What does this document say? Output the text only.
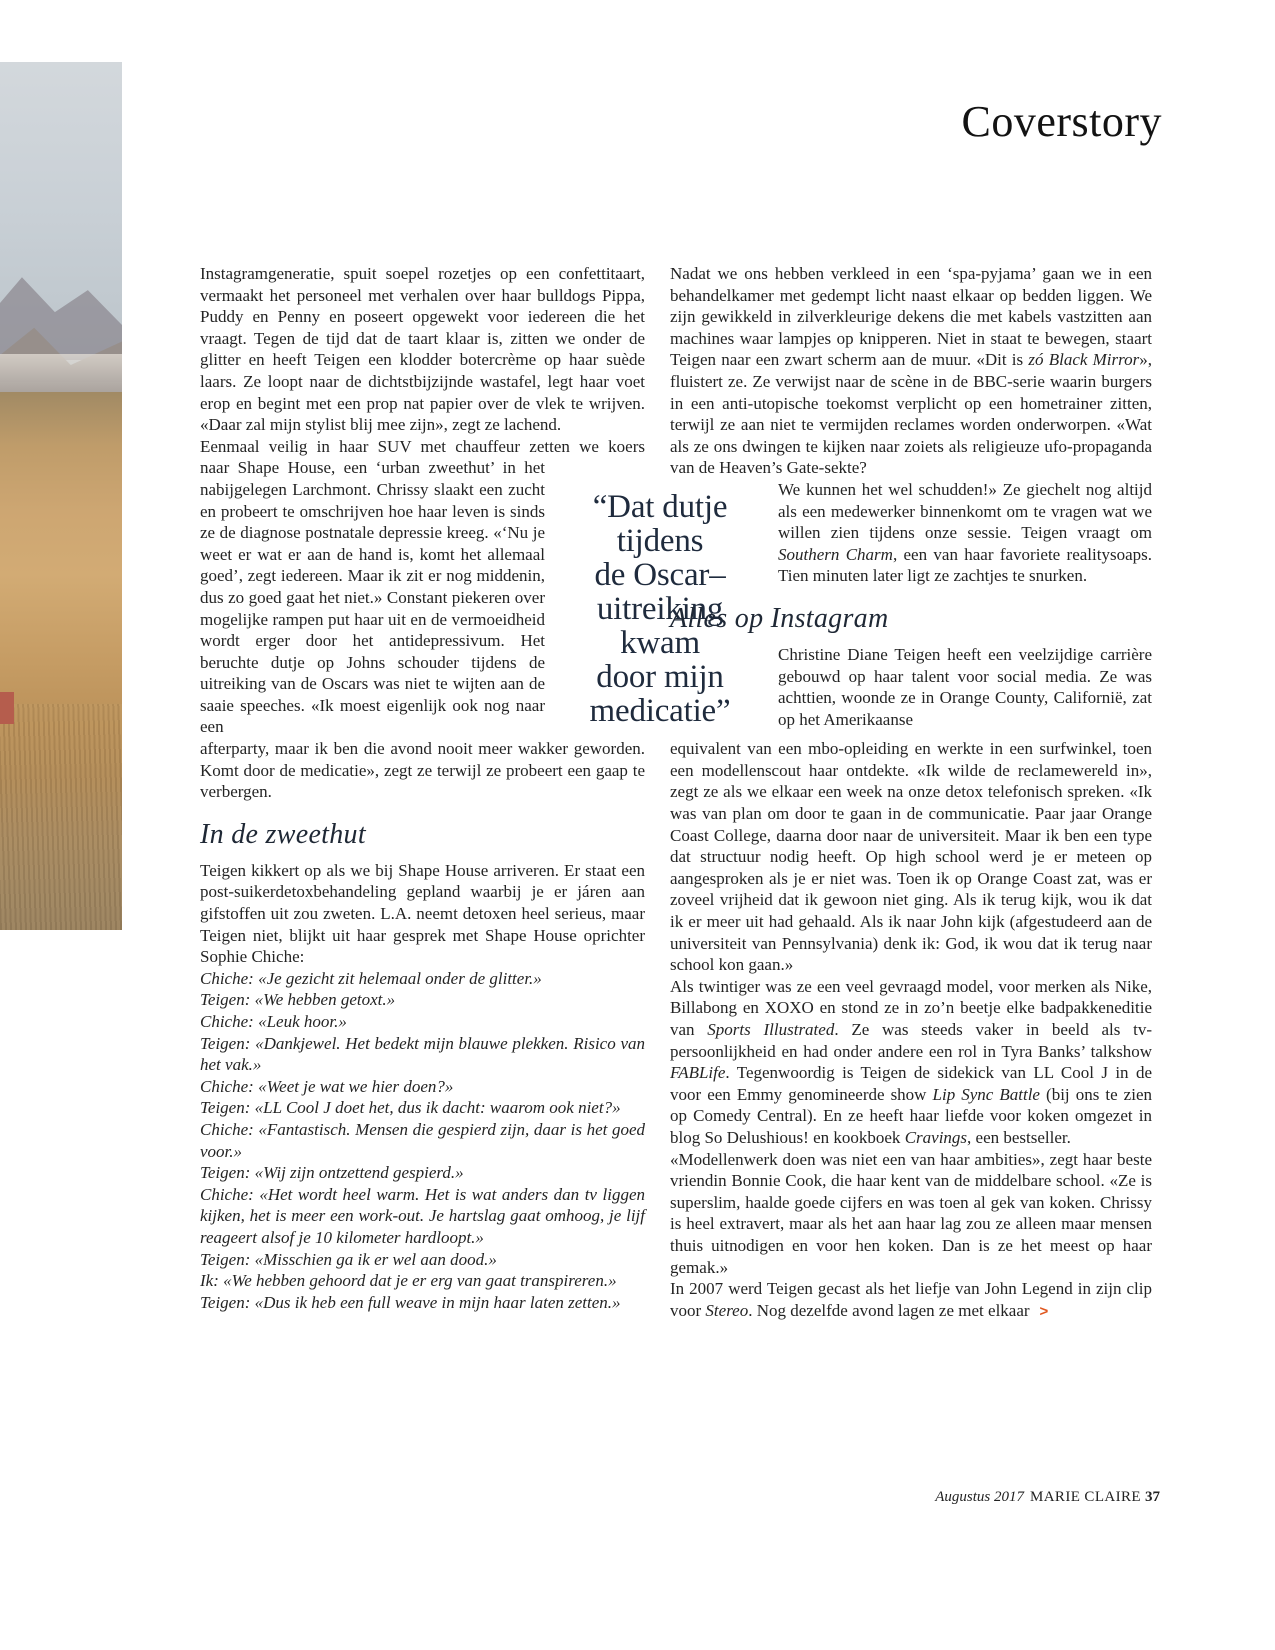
Coverstory
“Dat dutje
tijdens
de Oscar–
uitreiking
kwam
door mijn
medicatie”

Instagramgeneratie, spuit soepel rozetjes op een confettitaart, vermaakt het personeel met verhalen over haar bulldogs Pippa, Puddy en Penny en poseert opgewekt voor iedereen die het vraagt. Tegen de tijd dat de taart klaar is, zitten we onder de glitter en heeft Teigen een klodder botercrème op haar suède laars. Ze loopt naar de dichtstbijzijnde wastafel, legt haar voet erop en begint met een prop nat papier over de vlek te wrijven. «Daar zal mijn stylist blij mee zijn», zegt ze lachend.

Eenmaal veilig in haar SUV met chauffeur zetten we koers

naar Shape House, een ‘urban zweethut’ in het nabijgelegen Larchmont. Chrissy slaakt een zucht en probeert te omschrijven hoe haar leven is sinds ze de diagnose postnatale depressie kreeg. «‘Nu je weet er wat er aan de hand is, komt het allemaal goed’, zegt iedereen. Maar ik zit er nog middenin, dus zo goed gaat het niet.» Constant piekeren over mogelijke rampen put haar uit en de vermoeidheid wordt erger door het antidepressivum. Het beruchte dutje op Johns schouder tijdens de uitreiking van de Oscars was niet te wijten aan de saaie speeches. «Ik moest eigenlijk ook nog naar een

afterparty, maar ik ben die avond nooit meer wakker geworden. Komt door de medicatie», zegt ze terwijl ze probeert een gaap te verbergen.

In de zweethut

Teigen kikkert op als we bij Shape House arriveren. Er staat een post-suikerdetoxbehandeling gepland waarbij je er járen aan gifstoffen uit zou zweten. L.A. neemt detoxen heel serieus, maar Teigen niet, blijkt uit haar gesprek met Shape House oprichter Sophie Chiche:

Chiche: «Je gezicht zit helemaal onder de glitter.»

Teigen: «We hebben getoxt.»

Chiche: «Leuk hoor.»

Teigen: «Dankjewel. Het bedekt mijn blauwe plekken. Risico van het vak.»

Chiche: «Weet je wat we hier doen?»

Teigen: «LL Cool J doet het, dus ik dacht: waarom ook niet?»

Chiche: «Fantastisch. Mensen die gespierd zijn, daar is het goed voor.»

Teigen: «Wij zijn ontzettend gespierd.»

Chiche: «Het wordt heel warm. Het is wat anders dan tv liggen kijken, het is meer een work-out. Je hartslag gaat omhoog, je lijf reageert alsof je 10 kilometer hardloopt.»

Teigen: «Misschien ga ik er wel aan dood.»

Ik: «We hebben gehoord dat je er erg van gaat transpireren.»

Teigen: «Dus ik heb een full weave in mijn haar laten zetten.»

Nadat we ons hebben verkleed in een ‘spa-pyjama’ gaan we in een behandelkamer met gedempt licht naast elkaar op bedden liggen. We zijn gewikkeld in zilverkleurige dekens die met kabels vastzitten aan machines waar lampjes op knipperen. Niet in staat te bewegen, staart Teigen naar een zwart scherm aan de muur. «Dit is zó Black Mirror», fluistert ze. Ze verwijst naar de scène in de BBC-serie waarin burgers in een anti-utopische toekomst verplicht op een hometrainer zitten, terwijl ze aan niet te vermijden reclames worden onderworpen. «Wat als ze ons dwingen te kijken naar zoiets als religieuze ufo-propaganda van de Heaven’s Gate-sekte?

We kunnen het wel schudden!» Ze giechelt nog altijd als een medewerker binnenkomt om te vragen wat we willen zien tijdens onze sessie. Teigen vraagt om Southern Charm, een van haar favoriete realitysoaps. Tien minuten later ligt ze zachtjes te snurken.

Alles op Instagram

Christine Diane Teigen heeft een veelzijdige carrière gebouwd op haar talent voor social media. Ze was achttien, woonde ze in Orange County, Californië, zat op het Amerikaanse

equivalent van een mbo-opleiding en werkte in een surfwinkel, toen een modellenscout haar ontdekte. «Ik wilde de reclamewereld in», zegt ze als we elkaar een week na onze detox telefonisch spreken. «Ik was van plan om door te gaan in de communicatie. Paar jaar Orange Coast College, daarna door naar de universiteit. Maar ik ben een type dat structuur nodig heeft. Op high school werd je er meteen op aangesproken als je er niet was. Toen ik op Orange Coast zat, was er zoveel vrijheid dat ik gewoon niet ging. Als ik terug kijk, wou ik dat ik er meer uit had gehaald. Als ik naar John kijk (afgestudeerd aan de universiteit van Pennsylvania) denk ik: God, ik wou dat ik terug naar school kon gaan.»

Als twintiger was ze een veel gevraagd model, voor merken als Nike, Billabong en XOXO en stond ze in zo’n beetje elke badpakkeneditie van Sports Illustrated. Ze was steeds vaker in beeld als tv-persoonlijkheid en had onder andere een rol in Tyra Banks’ talkshow FABLife. Tegenwoordig is Teigen de sidekick van LL Cool J in de voor een Emmy genomineerde show Lip Sync Battle (bij ons te zien op Comedy Central). En ze heeft haar liefde voor koken omgezet in blog So Delushious! en kookboek Cravings, een bestseller.

«Modellenwerk doen was niet een van haar ambities», zegt haar beste vriendin Bonnie Cook, die haar kent van de middelbare school. «Ze is superslim, haalde goede cijfers en was toen al gek van koken. Chrissy is heel extravert, maar als het aan haar lag zou ze alleen maar mensen thuis uitnodigen en voor hen koken. Dan is ze het meest op haar gemak.»

In 2007 werd Teigen gecast als het liefje van John Legend in zijn clip voor Stereo. Nog dezelfde avond lagen ze met elkaar >

Augustus 2017 MARIE CLAIRE 37
